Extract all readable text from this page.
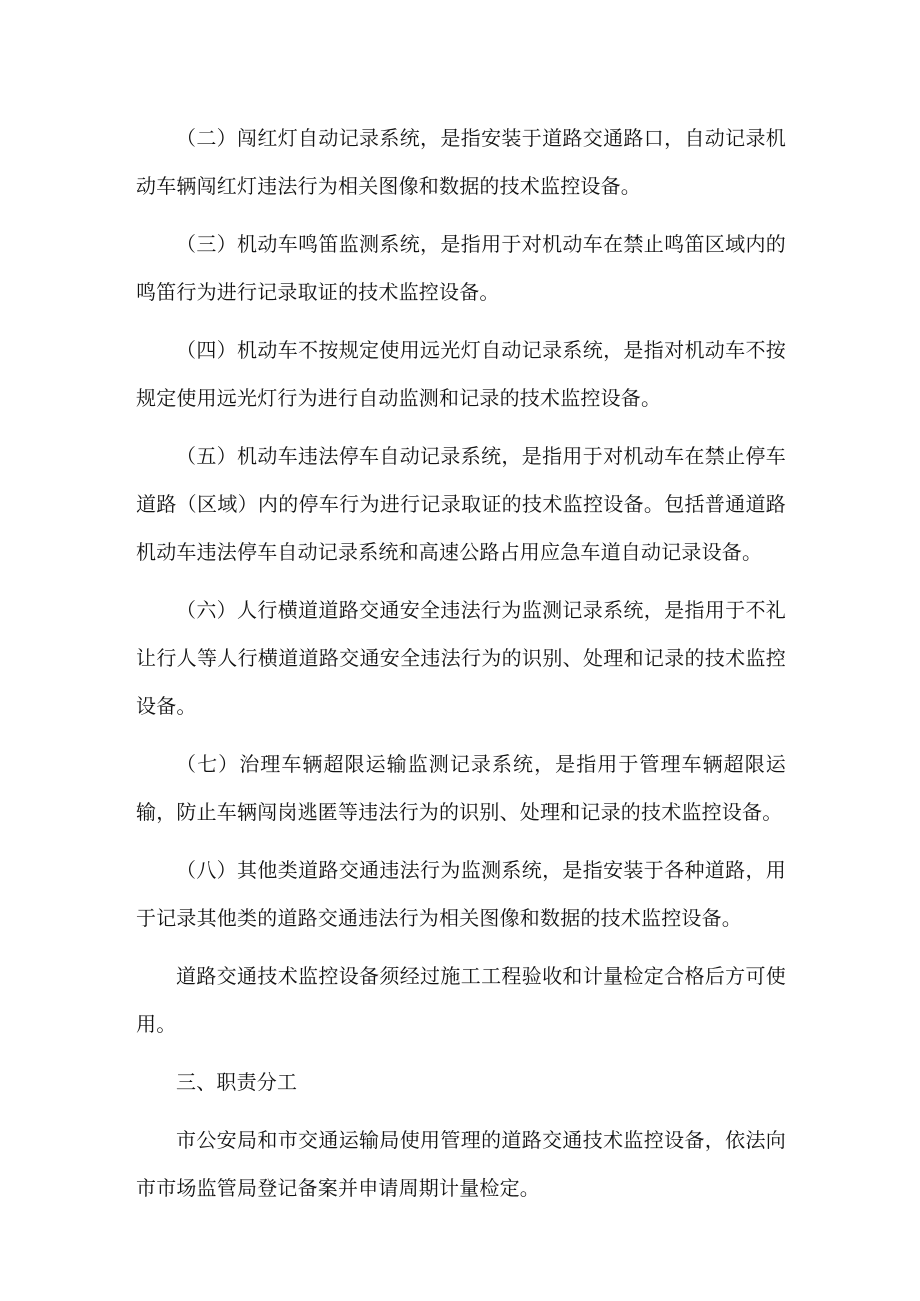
（二）闯红灯自动记录系统，是指安装于道路交通路口，自动记录机动车辆闯红灯违法行为相关图像和数据的技术监控设备。

（三）机动车鸣笛监测系统，是指用于对机动车在禁止鸣笛区域内的鸣笛行为进行记录取证的技术监控设备。

（四）机动车不按规定使用远光灯自动记录系统，是指对机动车不按规定使用远光灯行为进行自动监测和记录的技术监控设备。

（五）机动车违法停车自动记录系统，是指用于对机动车在禁止停车道路（区域）内的停车行为进行记录取证的技术监控设备。包括普通道路机动车违法停车自动记录系统和高速公路占用应急车道自动记录设备。

（六）人行横道道路交通安全违法行为监测记录系统，是指用于不礼让行人等人行横道道路交通安全违法行为的识别、处理和记录的技术监控设备。

（七）治理车辆超限运输监测记录系统，是指用于管理车辆超限运输，防止车辆闯岗逃匿等违法行为的识别、处理和记录的技术监控设备。

（八）其他类道路交通违法行为监测系统，是指安装于各种道路，用于记录其他类的道路交通违法行为相关图像和数据的技术监控设备。

道路交通技术监控设备须经过施工工程验收和计量检定合格后方可使用。

三、职责分工

市公安局和市交通运输局使用管理的道路交通技术监控设备，依法向市市场监管局登记备案并申请周期计量检定。
